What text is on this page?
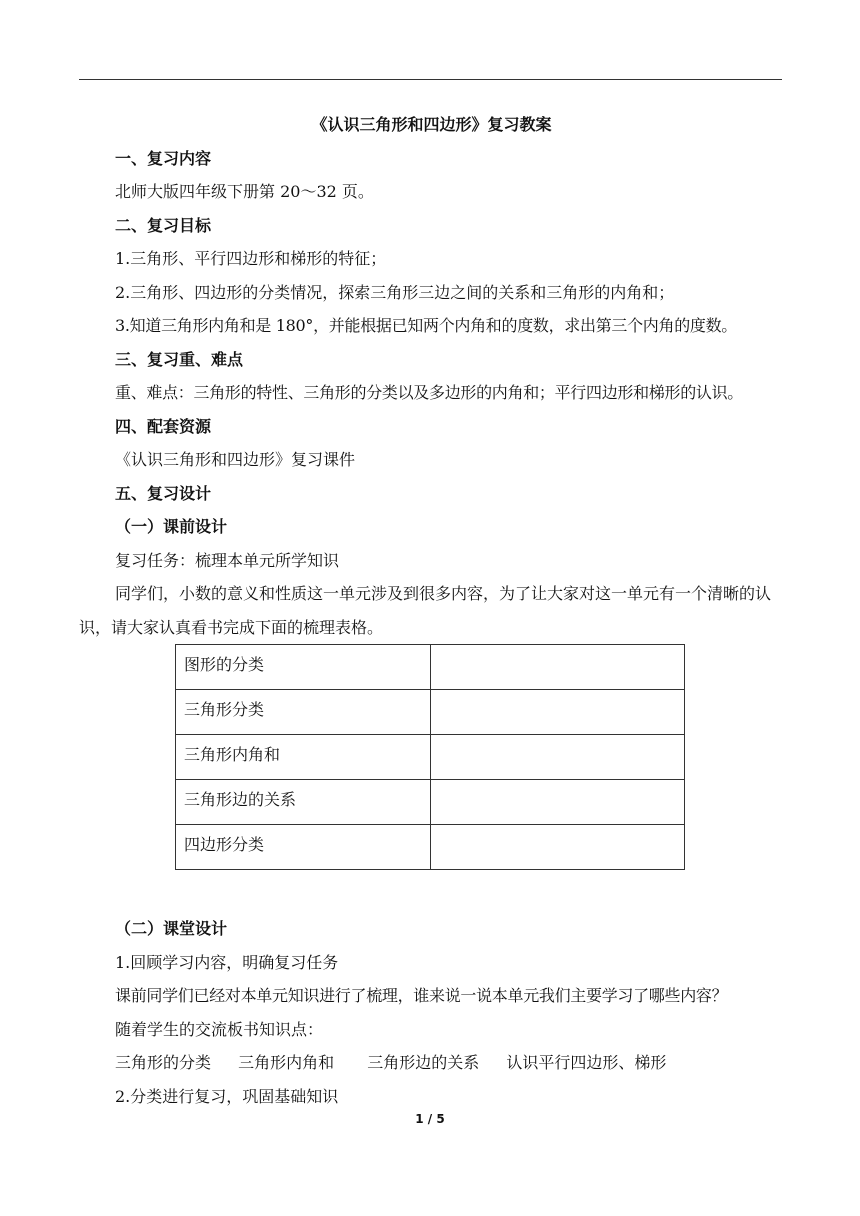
《认识三角形和四边形》复习教案
一、复习内容
北师大版四年级下册第 20～32 页。
二、复习目标
1.三角形、平行四边形和梯形的特征；
2.三角形、四边形的分类情况，探索三角形三边之间的关系和三角形的内角和；
3.知道三角形内角和是 180°，并能根据已知两个内角和的度数，求出第三个内角的度数。
三、复习重、难点
重、难点：三角形的特性、三角形的分类以及多边形的内角和；平行四边形和梯形的认识。
四、配套资源
《认识三角形和四边形》复习课件
五、复习设计
（一）课前设计
复习任务：梳理本单元所学知识
同学们，小数的意义和性质这一单元涉及到很多内容，为了让大家对这一单元有一个清晰的认识，请大家认真看书完成下面的梳理表格。
图形的分类	
三角形分类	
三角形内角和	
三角形边的关系	
四边形分类	
（二）课堂设计
1.回顾学习内容，明确复习任务
课前同学们已经对本单元知识进行了梳理，谁来说一说本单元我们主要学习了哪些内容？
随着学生的交流板书知识点：
三角形的分类 三角形内角和 三角形边的关系 认识平行四边形、梯形
2.分类进行复习，巩固基础知识
1 / 5
